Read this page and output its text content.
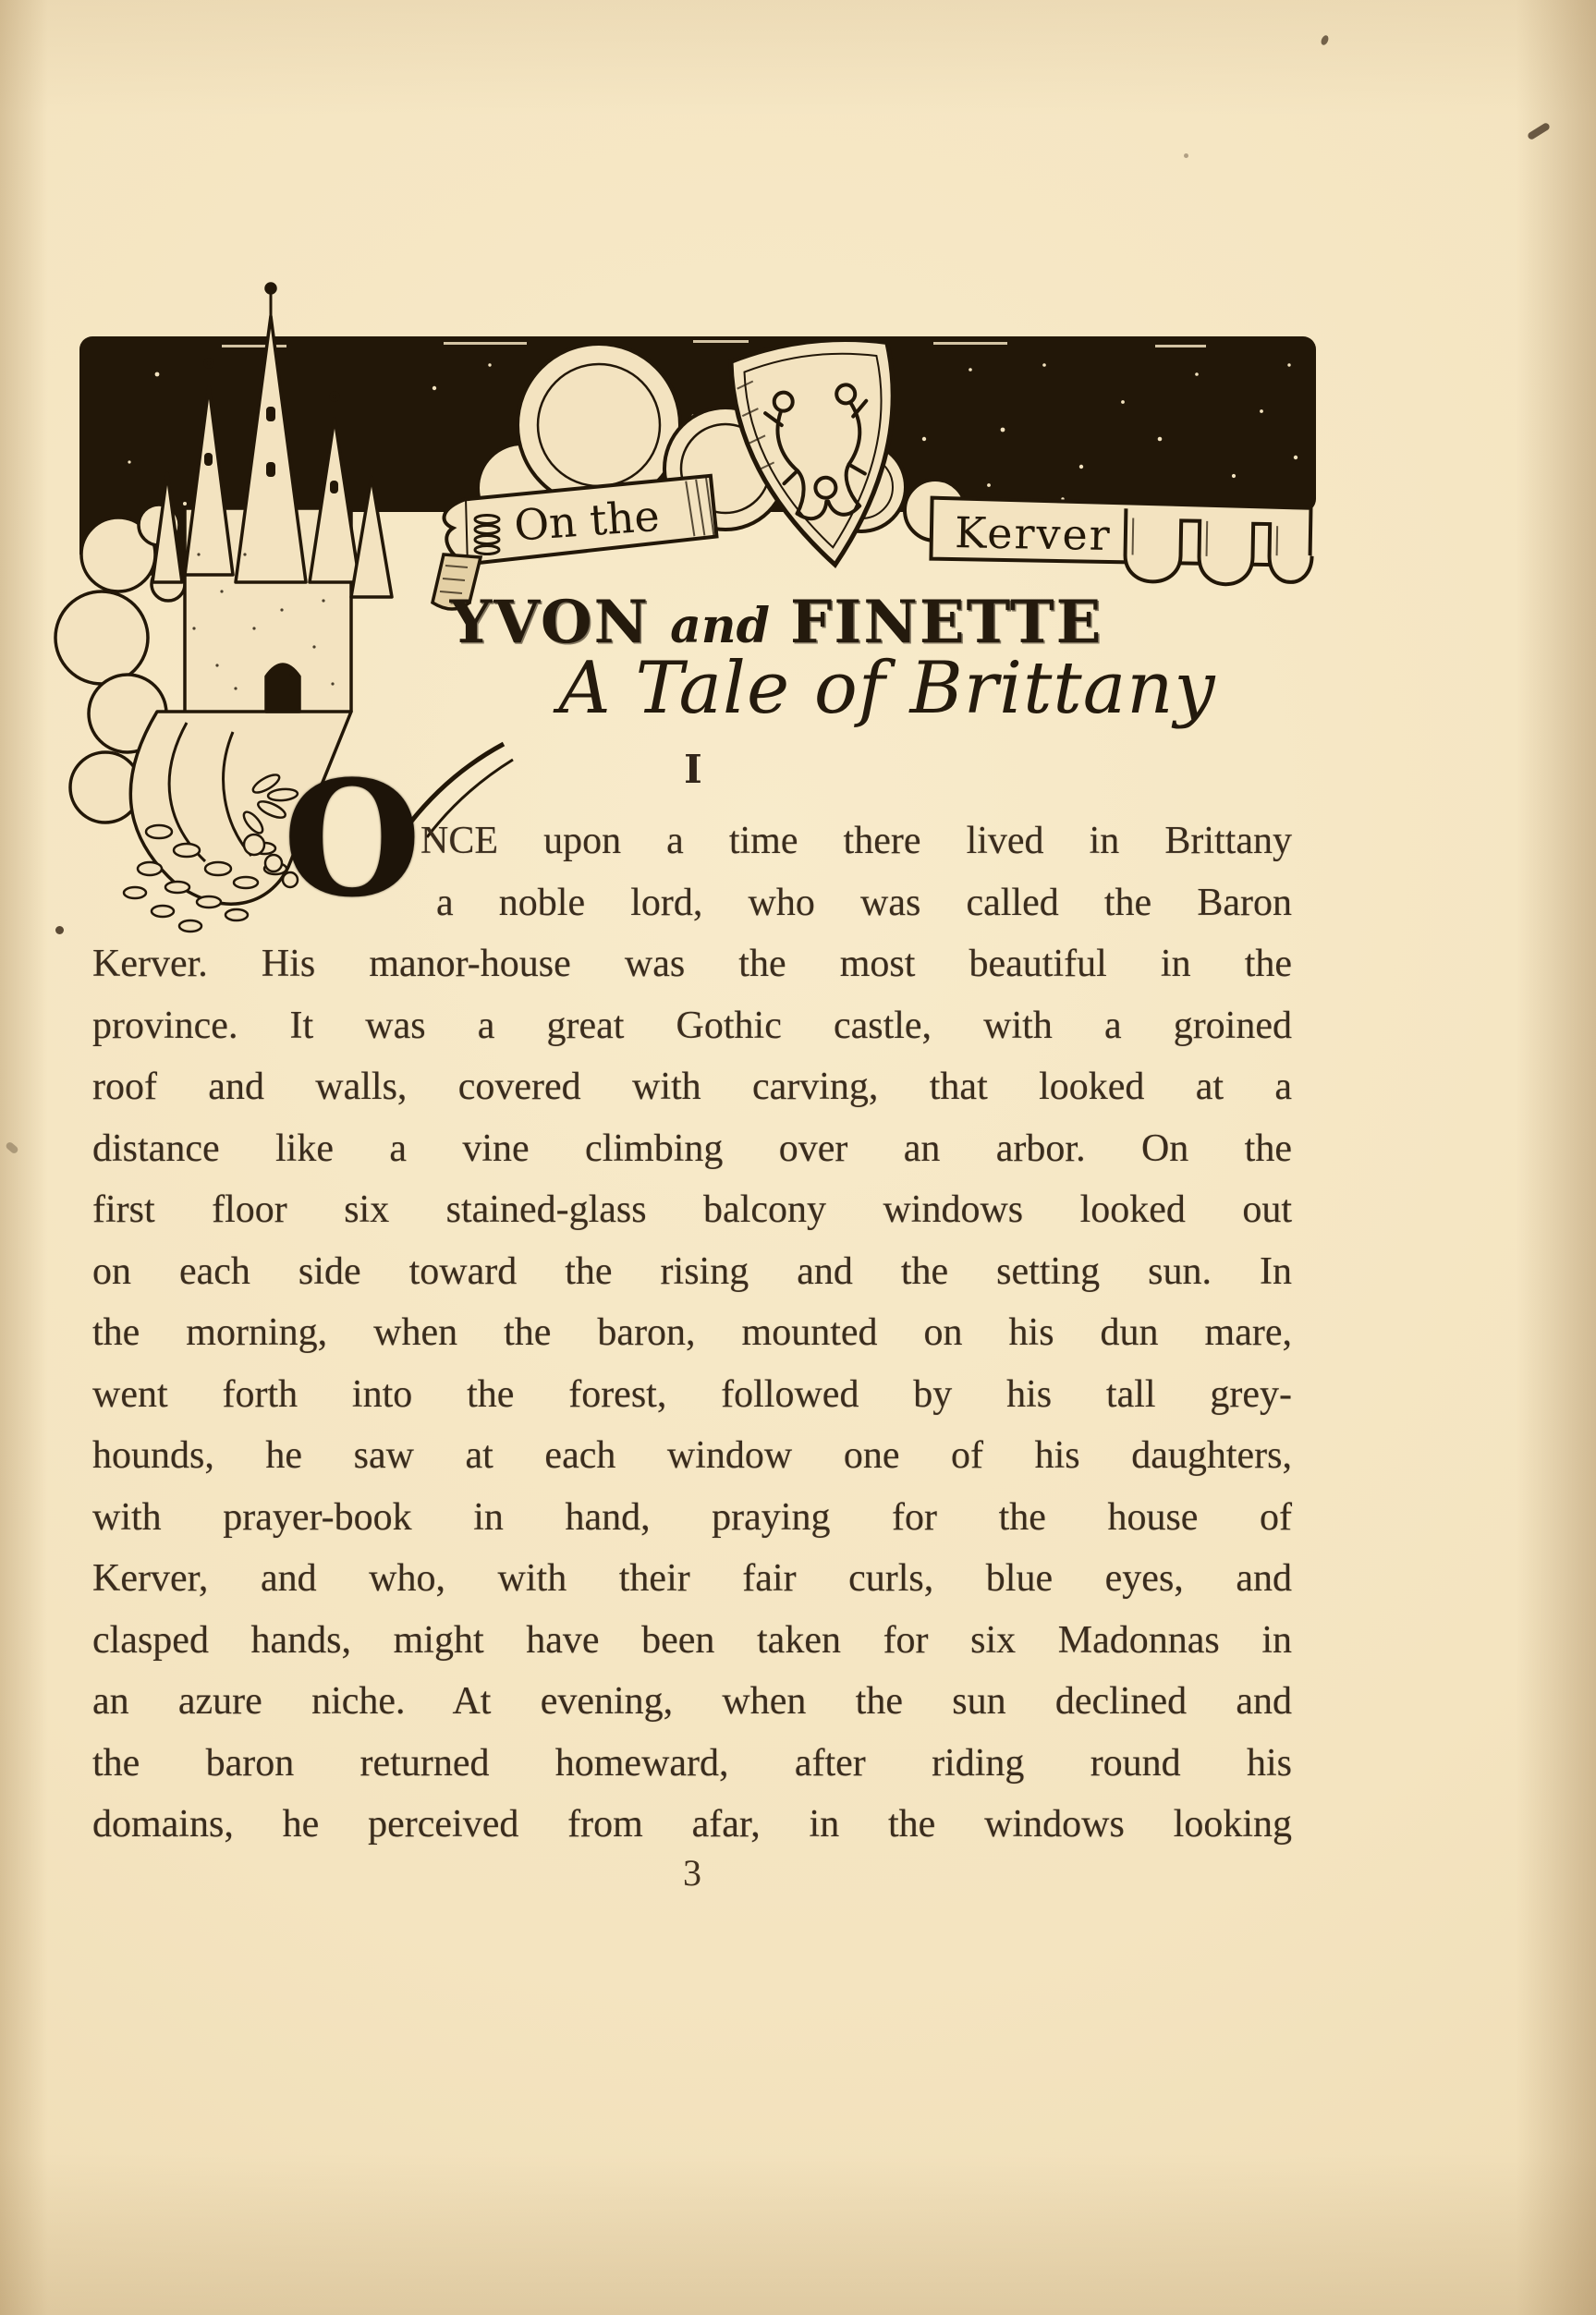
On the	Kerver
YVON and FINETTE
A Tale of Brittany
I
O NCE upon a time there lived in Brittany
a noble lord, who was called the Baron
Kerver. His manor-house was the most beautiful in the
province. It was a great Gothic castle, with a groined
roof and walls, covered with carving, that looked at a
distance like a vine climbing over an arbor. On the
first floor six stained-glass balcony windows looked out
on each side toward the rising and the setting sun. In
the morning, when the baron, mounted on his dun mare,
went forth into the forest, followed by his tall grey-
hounds, he saw at each window one of his daughters,
with prayer-book in hand, praying for the house of
Kerver, and who, with their fair curls, blue eyes, and
clasped hands, might have been taken for six Madonnas in
an azure niche. At evening, when the sun declined and
the baron returned homeward, after riding round his
domains, he perceived from afar, in the windows looking
3
